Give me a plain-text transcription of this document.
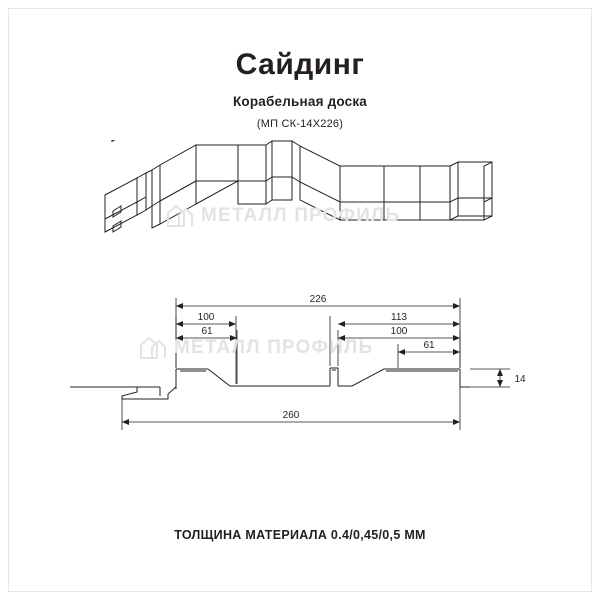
Сайдинг
Корабельная доска
(МП СК-14Х226)
226
100
61
113
100
61
14
260
МЕТАЛЛ ПРОФИЛЬ
МЕТАЛЛ ПРОФИЛЬ
ТОЛЩИНА МАТЕРИАЛА 0.4/0,45/0,5 ММ
